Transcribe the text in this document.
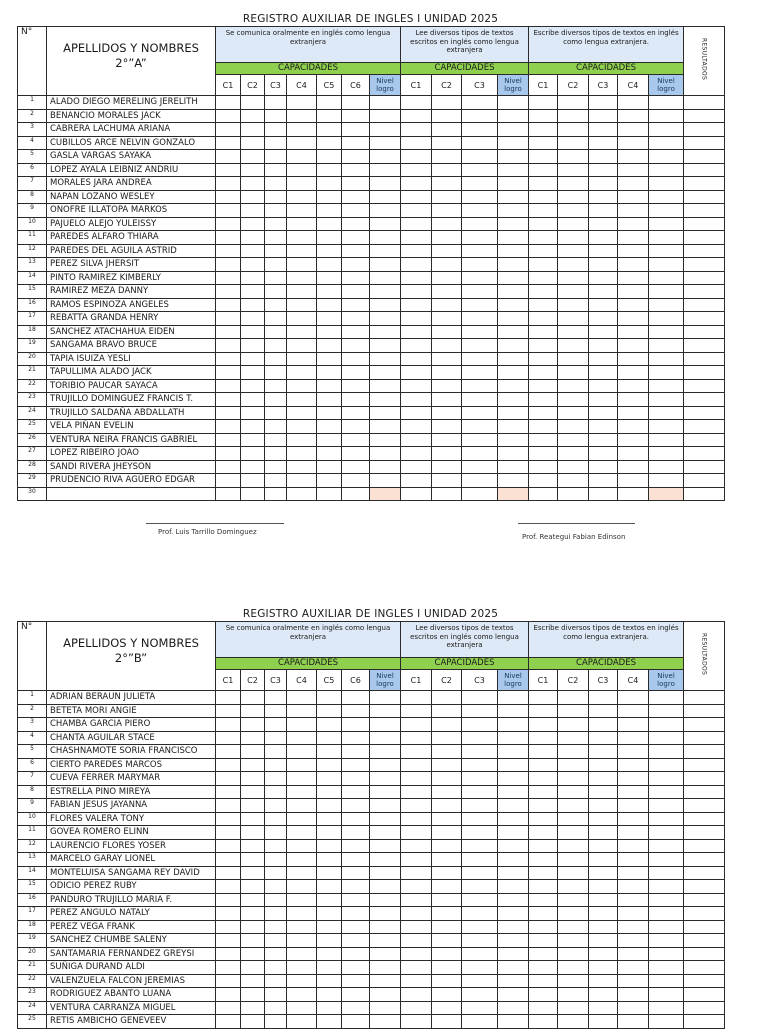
REGISTRO AUXILIAR DE INGLES I UNIDAD 2025
N°	APELLIDOS Y NOMBRES
2°”A”	Se comunica oralmente en inglés como lengua extranjera							Lee diversos tipos de textos escritos en inglés como lengua extranjera				Escribe diversos tipos de textos en inglés como lengua extranjera.					RESULTADOS
		CAPACIDADES							CAPACIDADES				CAPACIDADES					
		C1	C2	C3	C4	C5	C6	Nivel logro	C1	C2	C3	Nivel logro	C1	C2	C3	C4	Nivel logro	
1	ALADO DIEGO MERELING JERELITH																	
2	BENANCIO MORALES JACK																	
3	CABRERA LACHUMA ARIANA																	
4	CUBILLOS ARCE NELVIN GONZALO																	
5	GASLA VARGAS SAYAKA																	
6	LOPEZ AYALA LEIBNIZ ANDRIU																	
7	MORALES JARA ANDREA																	
8	NAPAN LOZANO WESLEY																	
9	ONOFRE ILLATOPA MARKOS																	
10	PAJUELO ALEJO YULEISSY																	
11	PAREDES ALFARO THIARA																	
12	PAREDES DEL AGUILA ASTRID																	
13	PEREZ SILVA JHERSIT																	
14	PINTO RAMIREZ KIMBERLY																	
15	RAMIREZ MEZA DANNY																	
16	RAMOS ESPINOZA ANGELES																	
17	REBATTA GRANDA HENRY																	
18	SANCHEZ ATACHAHUA EIDEN																	
19	SANGAMA BRAVO BRUCE																	
20	TAPIA ISUIZA YESLI																	
21	TAPULLIMA ALADO JACK																	
22	TORIBIO PAUCAR SAYACA																	
23	TRUJILLO DOMINGUEZ FRANCIS T.																	
24	TRUJILLO SALDAÑA ABDALLATH																	
25	VELA PIÑAN EVELIN																	
26	VENTURA NEIRA FRANCIS GABRIEL																	
27	LOPEZ RIBEIRO JOAO																	
28	SANDI RIVERA JHEYSON																	
29	PRUDENCIO RIVA AGÜERO EDGAR																	
30																		
Prof. Luis Tarrillo Dominguez
Prof. Reategui Fabian Edinson
REGISTRO AUXILIAR DE INGLES I UNIDAD 2025
N°	APELLIDOS Y NOMBRES
2°”B”	Se comunica oralmente en inglés como lengua extranjera							Lee diversos tipos de textos escritos en inglés como lengua extranjera				Escribe diversos tipos de textos en inglés como lengua extranjera.					RESULTADOS
		CAPACIDADES							CAPACIDADES				CAPACIDADES					
		C1	C2	C3	C4	C5	C6	Nivel logro	C1	C2	C3	Nivel logro	C1	C2	C3	C4	Nivel logro	
1	ADRIAN BERAUN JULIETA																	
2	BETETA MORI ANGIE																	
3	CHAMBA GARCIA PIERO																	
4	CHANTA AGUILAR STACE																	
5	CHASHNAMOTE SORIA FRANCISCO																	
6	CIERTO PAREDES MARCOS																	
7	CUEVA FERRER MARYMAR																	
8	ESTRELLA PINO MIREYA																	
9	FABIAN JESUS JAYANNA																	
10	FLORES VALERA TONY																	
11	GOVEA ROMERO ELINN																	
12	LAURENCIO FLORES YOSER																	
13	MARCELO GARAY LIONEL																	
14	MONTELUISA SANGAMA REY DAVID																	
15	ODICIO PEREZ RUBY																	
16	PANDURO TRUJILLO MARIA F.																	
17	PEREZ ANGULO NATALY																	
18	PEREZ VEGA FRANK																	
19	SANCHEZ CHUMBE SALENY																	
20	SANTAMARIA FERNANDEZ GREYSI																	
21	SUÑIGA DURAND ALDI																	
22	VALENZUELA FALCON JEREMIAS																	
23	RODRIGUEZ ABANTO LUANA																	
24	VENTURA CARRANZA MIGUEL																	
25	RETIS AMBICHO GENEVEEV																	
